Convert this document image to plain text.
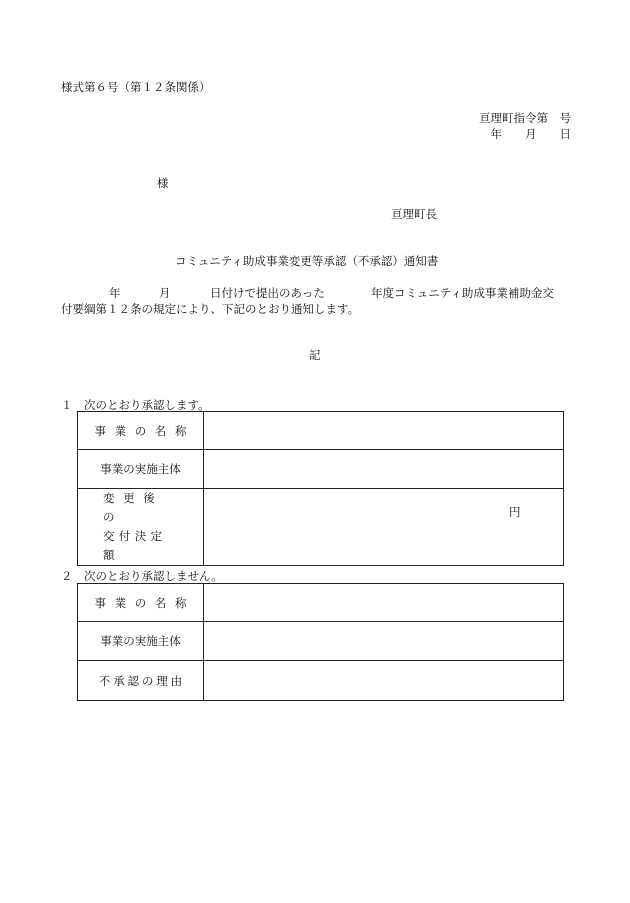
様式第６号（第１２条関係）
亘理町指令第　号
年　　月　　日
様
亘理町長
コミュニティ助成事業変更等承認（不承認）通知書
年	月	日付けで提出のあった	年度コミュニティ助成事業補助金交
付要綱第１２条の規定により、下記のとおり通知します。
記
１　次のとおり承認します。
事業の名称	
事業の実施主体	
変更後の
交付決定額	円
２　次のとおり承認しません。
事業の名称	
事業の実施主体	
不承認の理由	
